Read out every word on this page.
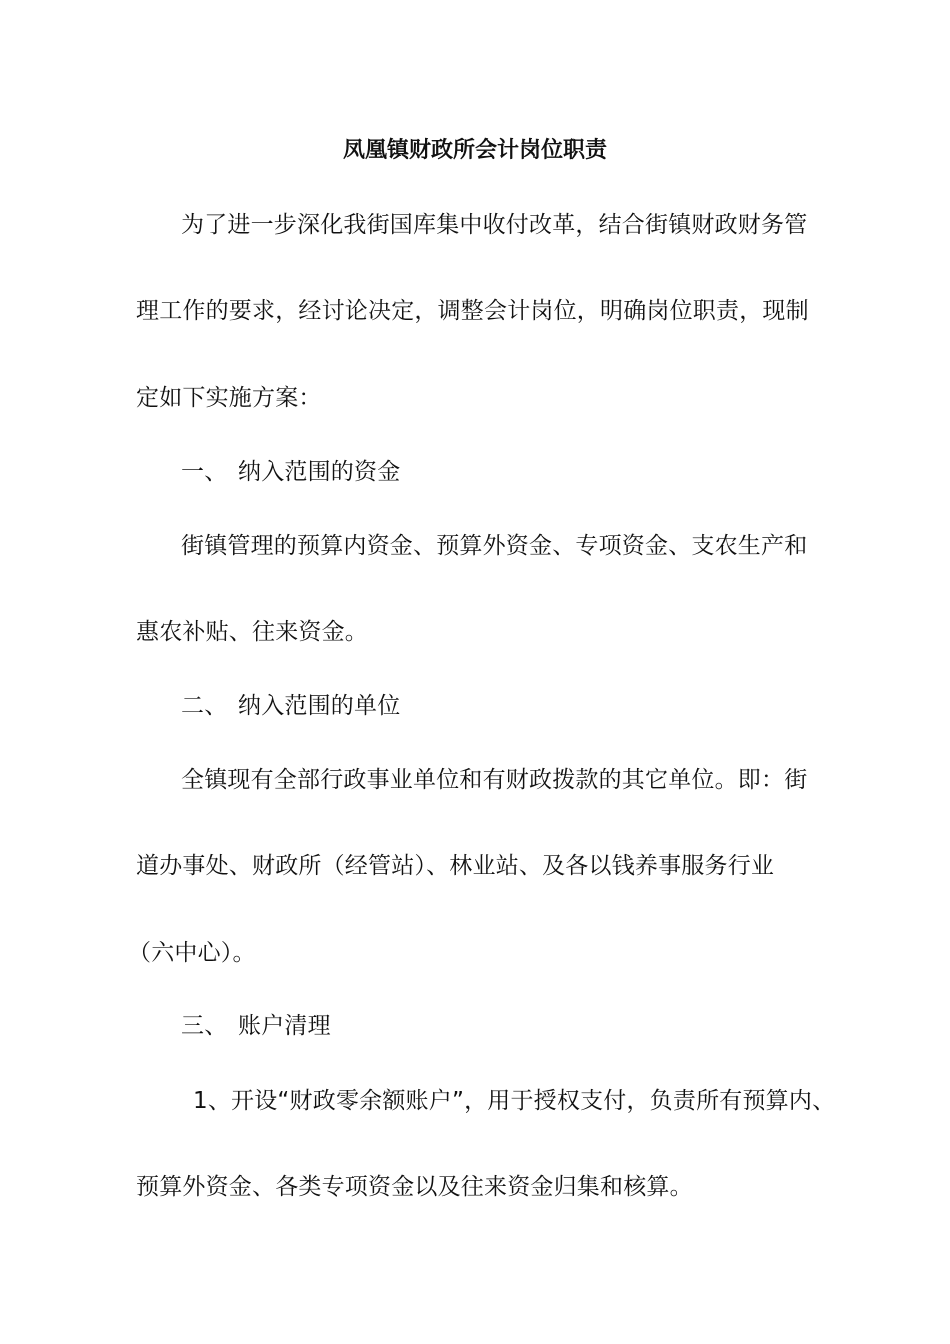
凤凰镇财政所会计岗位职责
为了进一步深化我街国库集中收付改革，结合街镇财政财务管
理工作的要求，经讨论决定，调整会计岗位，明确岗位职责，现制
定如下实施方案：
一、 纳入范围的资金
街镇管理的预算内资金、预算外资金、专项资金、支农生产和
惠农补贴、往来资金。
二、 纳入范围的单位
全镇现有全部行政事业单位和有财政拨款的其它单位。即：街
道办事处、财政所（经管站）、林业站、及各以钱养事服务行业
（六中心）。
三、 账户清理
1、开设“财政零余额账户”，用于授权支付，负责所有预算内、
预算外资金、各类专项资金以及往来资金归集和核算。
